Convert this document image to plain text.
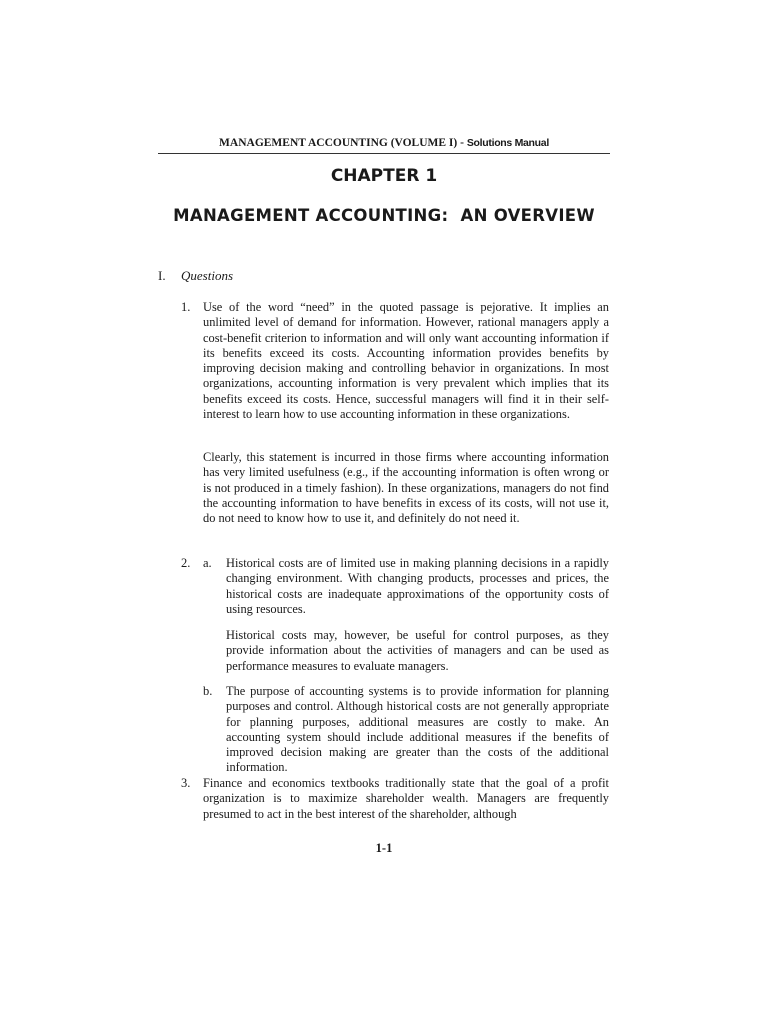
MANAGEMENT ACCOUNTING (VOLUME I) - Solutions Manual
CHAPTER 1
MANAGEMENT ACCOUNTING:  AN OVERVIEW
I. Questions
1. Use of the word “need” in the quoted passage is pejorative. It implies an unlimited level of demand for information. However, rational managers apply a cost-benefit criterion to information and will only want accounting information if its benefits exceed its costs. Accounting information provides benefits by improving decision making and controlling behavior in organizations. In most organizations, accounting information is very prevalent which implies that its benefits exceed its costs. Hence, successful managers will find it in their self-interest to learn how to use accounting information in these organizations.

Clearly, this statement is incurred in those firms where accounting information has very limited usefulness (e.g., if the accounting information is often wrong or is not produced in a timely fashion). In these organizations, managers do not find the accounting information to have benefits in excess of its costs, will not use it, do not need to know how to use it, and definitely do not need it.

2. a. Historical costs are of limited use in making planning decisions in a rapidly changing environment. With changing products, processes and prices, the historical costs are inadequate approximations of the opportunity costs of using resources.

Historical costs may, however, be useful for control purposes, as they provide information about the activities of managers and can be used as performance measures to evaluate managers.

b. The purpose of accounting systems is to provide information for planning purposes and control. Although historical costs are not generally appropriate for planning purposes, additional measures are costly to make. An accounting system should include additional measures if the benefits of improved decision making are greater than the costs of the additional information.

3. Finance and economics textbooks traditionally state that the goal of a profit organization is to maximize shareholder wealth. Managers are frequently presumed to act in the best interest of the shareholder, although

1-1
